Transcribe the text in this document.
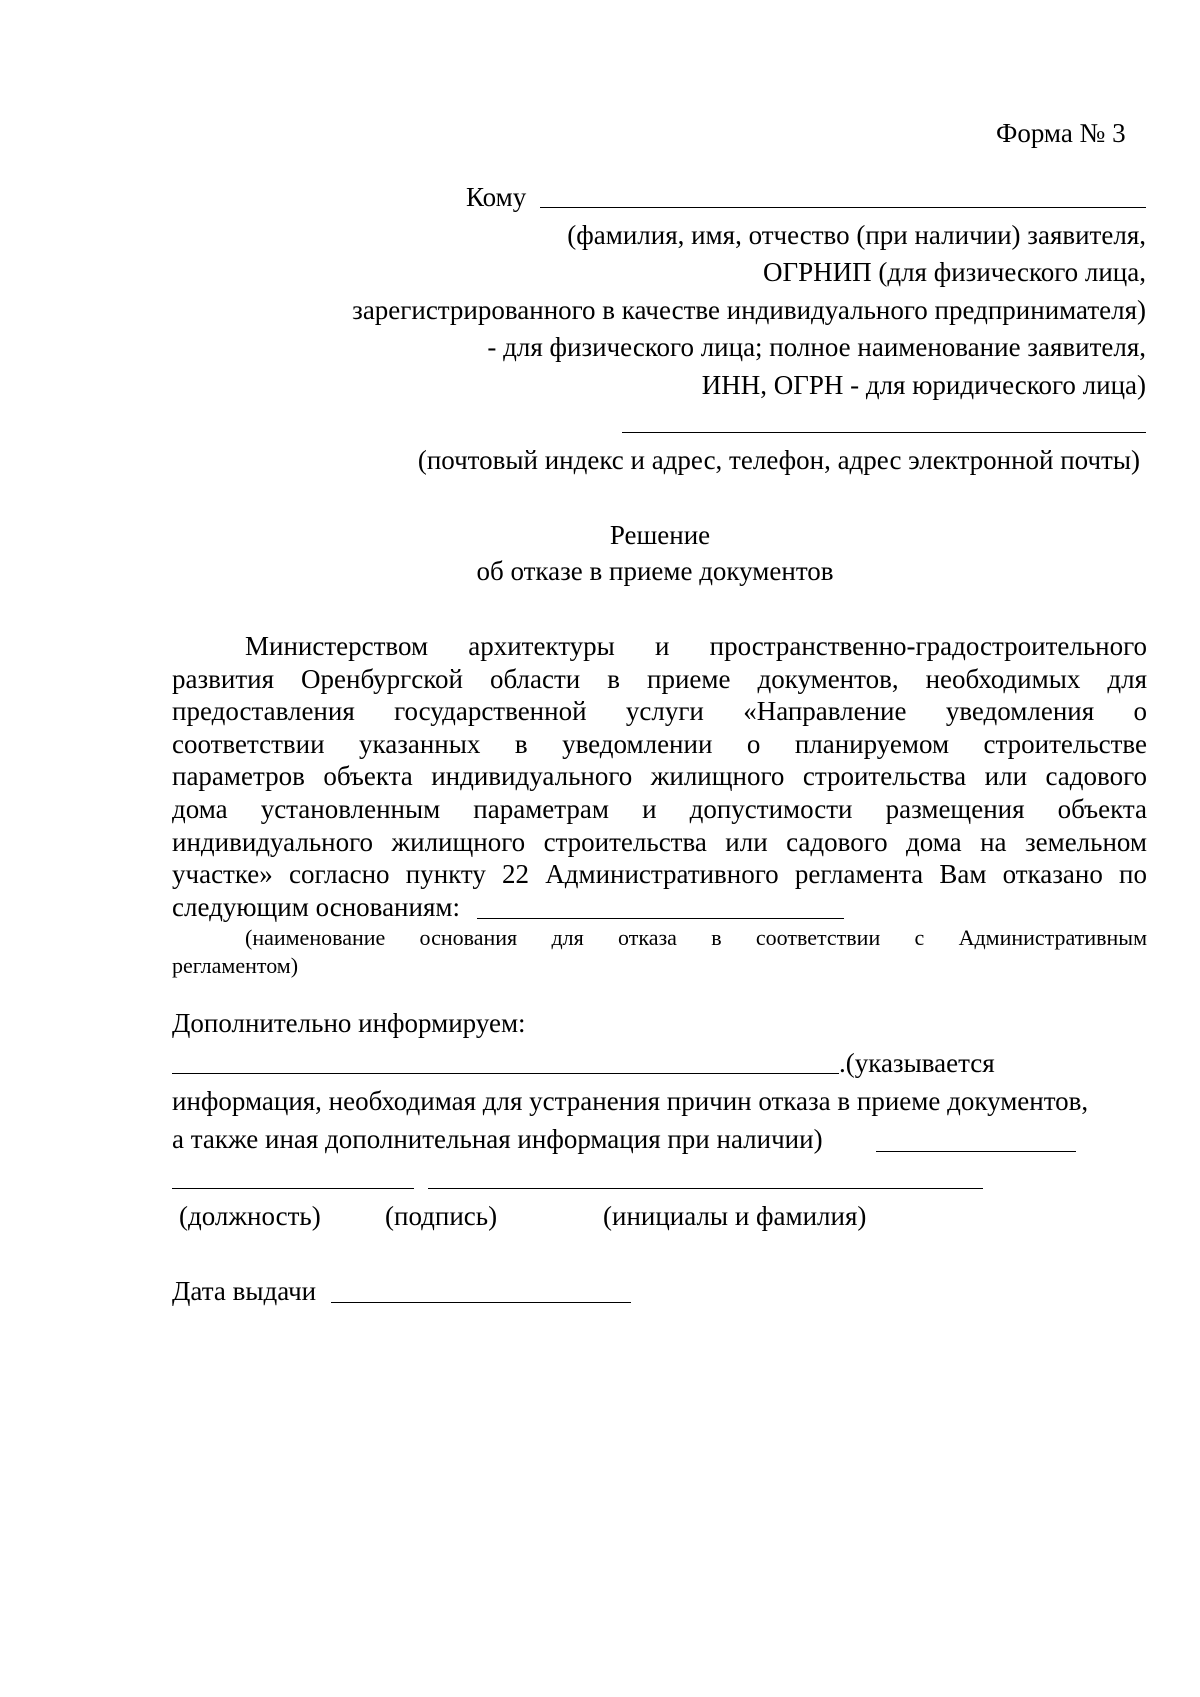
Форма № 3
Кому
(фамилия, имя, отчество (при наличии) заявителя,
ОГРНИП (для физического лица,
зарегистрированного в качестве индивидуального предпринимателя)
- для физического лица; полное наименование заявителя,
ИНН, ОГРН - для юридического лица)
(почтовый индекс и адрес, телефон, адрес электронной почты)
Решение
об отказе в приеме документов
Министерством архитектуры и пространственно-градостроительного
развития Оренбургской области в приеме документов, необходимых для
предоставления государственной услуги «Направление уведомления о
соответствии указанных в уведомлении о планируемом строительстве
параметров объекта индивидуального жилищного строительства или садового
дома установленным параметрам и допустимости размещения объекта
индивидуального жилищного строительства или садового дома на земельном
участке» согласно пункту 22 Административного регламента Вам отказано по
следующим основаниям:
(наименование основания для отказа в соответствии с Административным
регламентом)
Дополнительно информируем:
.(указывается
информация, необходимая для устранения причин отказа в приеме документов,
а также иная дополнительная информация при наличии)
(должность) (подпись)	(инициалы и фамилия)
Дата выдачи
